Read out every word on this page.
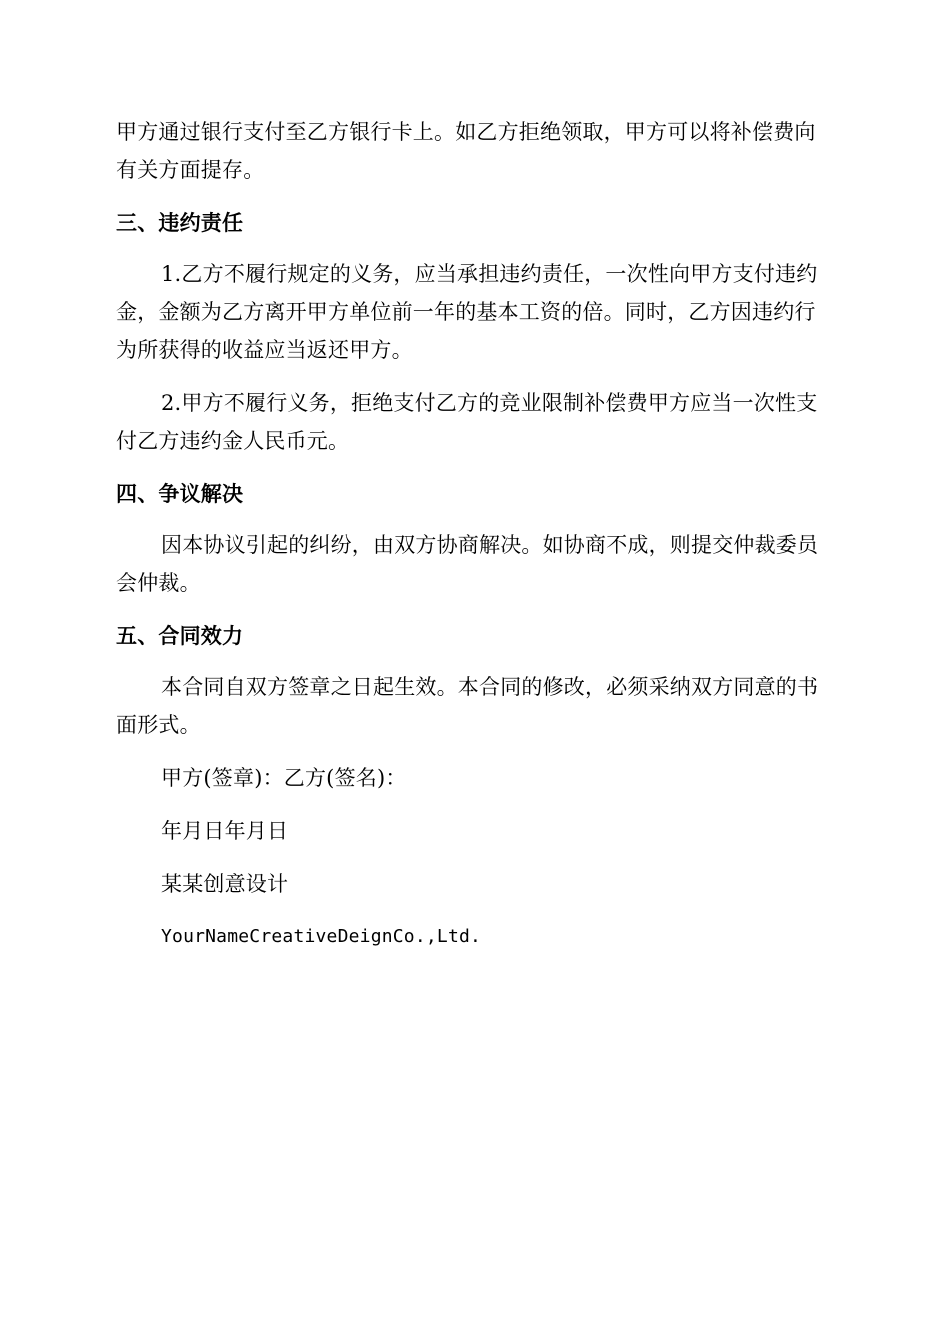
甲方通过银行支付至乙方银行卡上。如乙方拒绝领取，甲方可以将补偿费向有关方面提存。

三、违约责任

1.乙方不履行规定的义务，应当承担违约责任，一次性向甲方支付违约金，金额为乙方离开甲方单位前一年的基本工资的倍。同时，乙方因违约行为所获得的收益应当返还甲方。

2.甲方不履行义务，拒绝支付乙方的竞业限制补偿费甲方应当一次性支付乙方违约金人民币元。

四、争议解决

因本协议引起的纠纷，由双方协商解决。如协商不成，则提交仲裁委员会仲裁。

五、合同效力

本合同自双方签章之日起生效。本合同的修改，必须采纳双方同意的书面形式。

甲方(签章)：乙方(签名)：

年月日年月日

某某创意设计

YourNameCreativeDeignCo.,Ltd.
